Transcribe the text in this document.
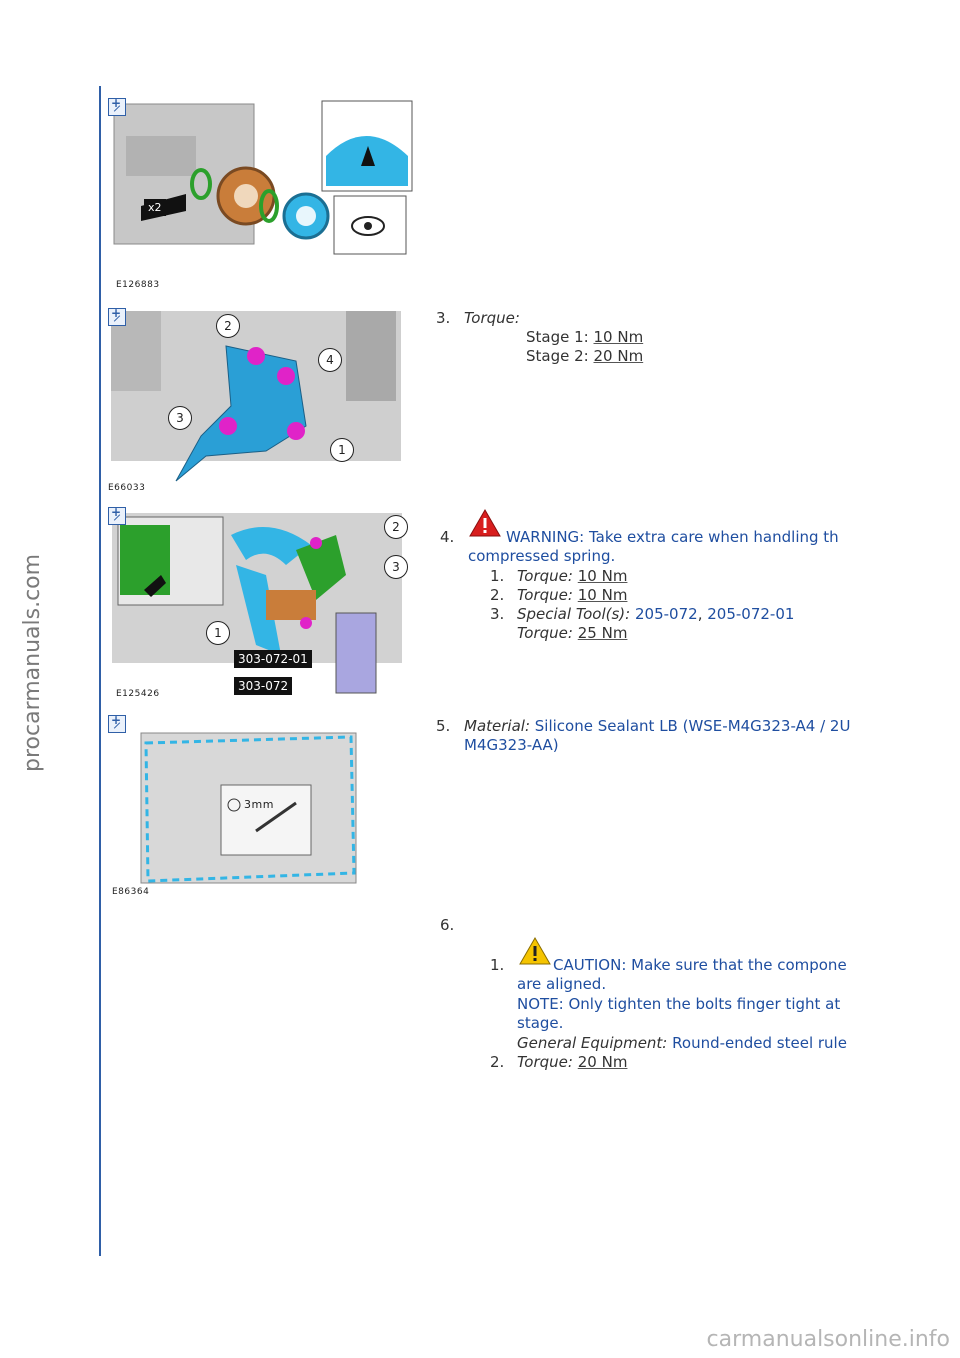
procarmanuals.com
+
x2
E126883
+
2
4
3
1
E66033
+
2
3
1
303-072-01
303-072
E125426
+
3mm
E86364
3. Torque:
Stage 1: 10 Nm
Stage 2: 20 Nm
4.	WARNING: Take extra care when handling th
compressed spring.
1. Torque: 10 Nm
2. Torque: 10 Nm
3. Special Tool(s): 205-072, 205-072-01
Torque: 25 Nm
5. Material: Silicone Sealant LB (WSE-M4G323-A4 / 2U
M4G323-AA)
6.
1.	CAUTION: Make sure that the compone
are aligned.
NOTE: Only tighten the bolts finger tight at
stage.
General Equipment: Round-ended steel rule
2. Torque: 20 Nm
carmanualsonline.info
